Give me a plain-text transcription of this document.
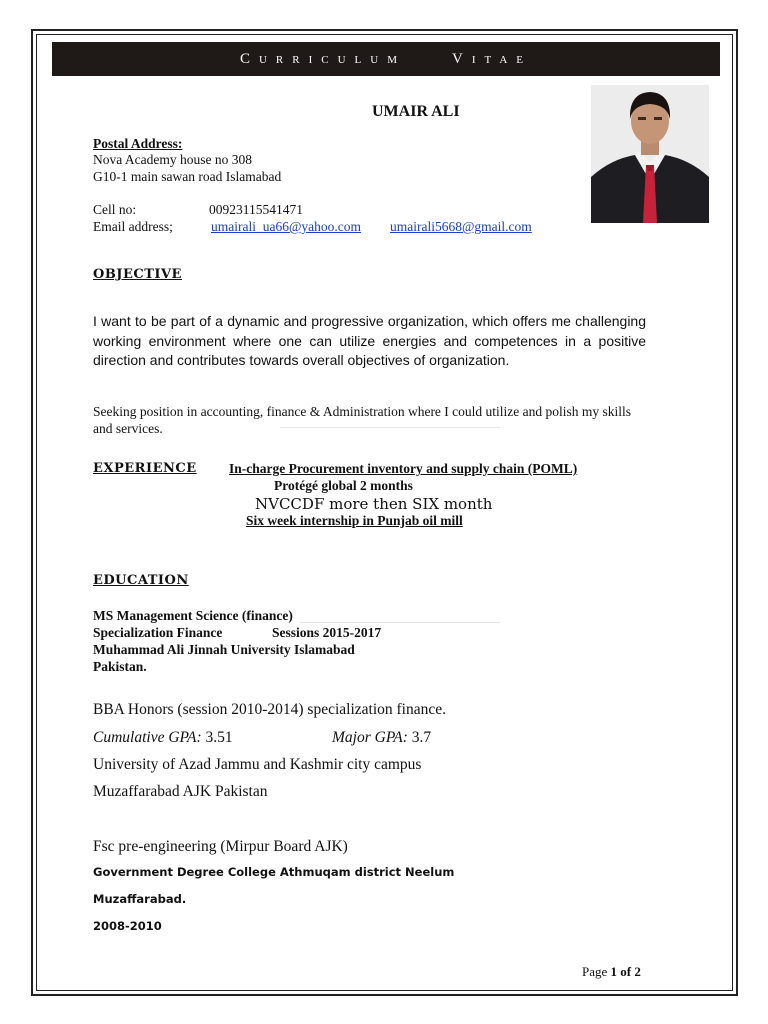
Curriculum	Vitae
UMAIR ALI
Postal Address:
Nova Academy house no 308
G10-1 main sawan road Islamabad
Cell no:	00923115541471
Email address;	umairali_ua66@yahoo.com umairali5668@gmail.com
OBJECTIVE
I want to be part of a dynamic and progressive organization, which offers me challenging working environment where one can utilize energies and competences in a positive direction and contributes towards overall objectives of organization.
Seeking position in accounting, finance & Administration where I could utilize and polish my skills and services.
EXPERIENCE In-charge Procurement inventory and supply chain (POML)
Protégé global 2 months
NVCCDF more then SIX month
Six week internship in Punjab oil mill
EDUCATION
MS Management Science (finance)
Specialization Finance	Sessions 2015-2017
Muhammad Ali Jinnah University Islamabad
Pakistan.
BBA Honors (session 2010-2014) specialization finance.
Cumulative GPA: 3.51	Major GPA: 3.7
University of Azad Jammu and Kashmir city campus
Muzaffarabad AJK Pakistan
Fsc pre-engineering (Mirpur Board AJK)
Government Degree College Athmuqam district Neelum
Muzaffarabad.
2008-2010
Page 1 of 2
